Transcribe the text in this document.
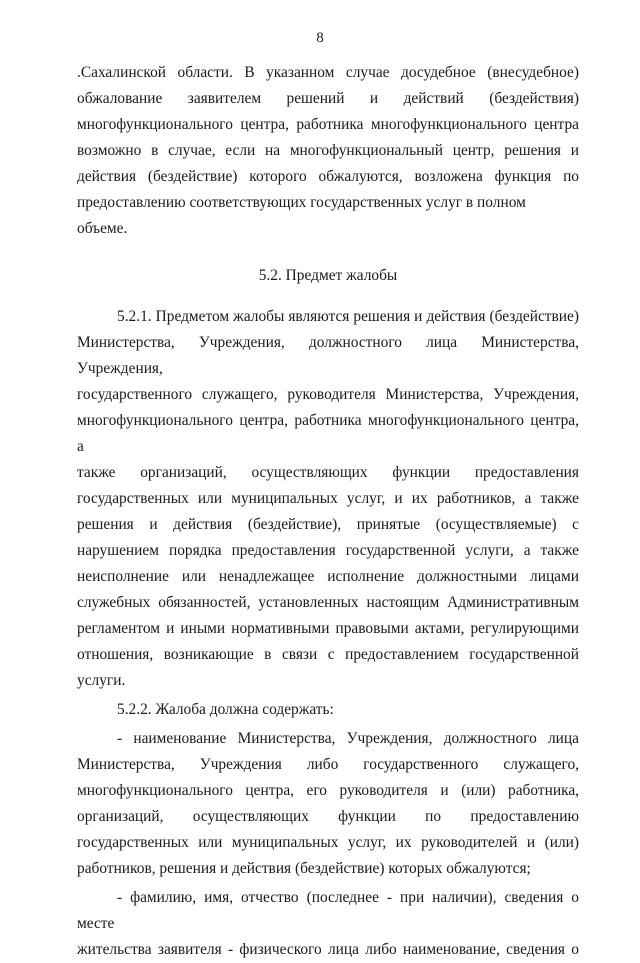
8

.Сахалинской области. В указанном случае досудебное (внесудебное)

обжалование заявителем решений и действий (бездействия)

многофункционального центра, работника многофункционального центра

возможно в случае, если на многофункциональный центр, решения и

действия (бездействие) которого обжалуются, возложена функция по

предоставлению соответствующих государственных услуг в полном объеме.

5.2. Предмет жалобы

5.2.1. Предметом жалобы являются решения и действия (бездействие)

Министерства, Учреждения, должностного лица Министерства, Учреждения,

государственного служащего, руководителя Министерства, Учреждения,

многофункционального центра, работника многофункционального центра, а

также организаций, осуществляющих функции предоставления

государственных или муниципальных услуг, и их работников, а также

решения и действия (бездействие), принятые (осуществляемые) с

нарушением порядка предоставления государственной услуги, а также

неисполнение или ненадлежащее исполнение должностными лицами

служебных обязанностей, установленных настоящим Административным

регламентом и иными нормативными правовыми актами, регулирующими

отношения, возникающие в связи с предоставлением государственной

услуги.

5.2.2. Жалоба должна содержать:

- наименование Министерства, Учреждения, должностного лица

Министерства, Учреждения либо государственного служащего,

многофункционального центра, его руководителя и (или) работника,

организаций, осуществляющих функции по предоставлению

государственных или муниципальных услуг, их руководителей и (или)

работников, решения и действия (бездействие) которых обжалуются;

- фамилию, имя, отчество (последнее - при наличии), сведения о месте

жительства заявителя - физического лица либо наименование, сведения о
